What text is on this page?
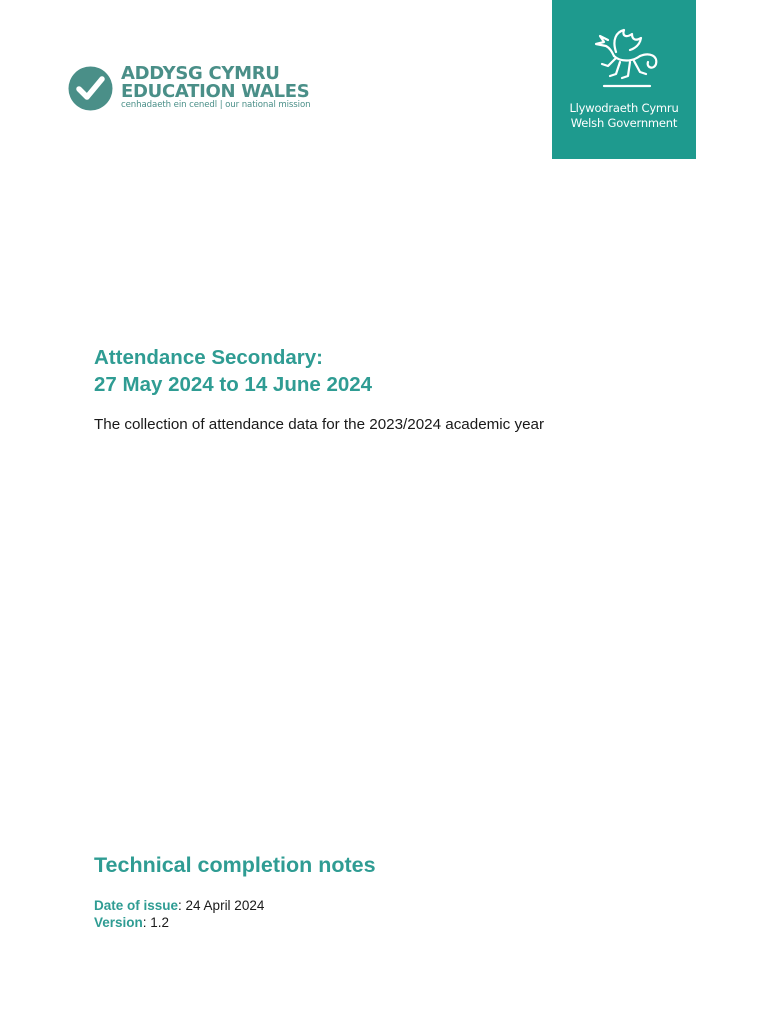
ADDYSG CYMRU
EDUCATION WALES
cenhadaeth ein cenedl | our national mission	Llywodraeth Cymru
Welsh Government
Attendance Secondary:
27 May 2024 to 14 June 2024
The collection of attendance data for the 2023/2024 academic year
Technical completion notes
Date of issue: 24 April 2024
Version: 1.2
